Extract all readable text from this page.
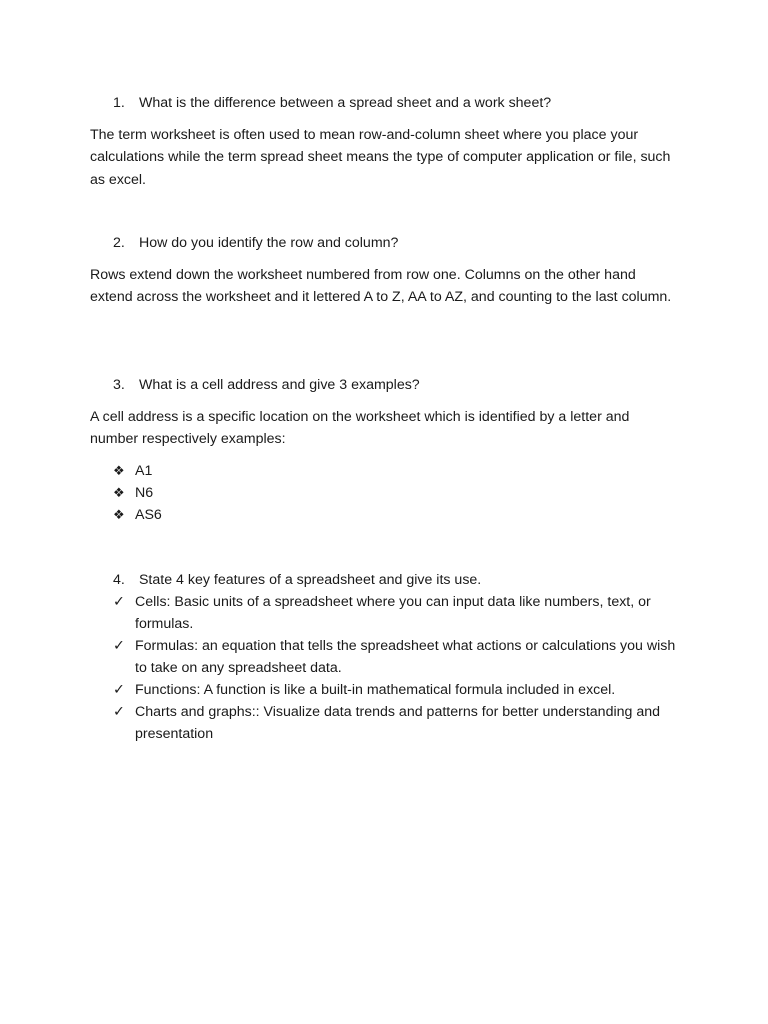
1. What is the difference between a spread sheet and a work sheet?
The term worksheet is often used to mean row-and-column sheet where you place your calculations while the term spread sheet means the type of computer application or file, such as excel.
2. How do you identify the row and column?
Rows extend down the worksheet numbered from row one. Columns on the other hand extend across the worksheet and it lettered A to Z, AA to AZ, and counting to the last column.
3. What is a cell address and give 3 examples?
A cell address is a specific location on the worksheet which is identified by a letter and number respectively examples:
❖ A1
❖ N6
❖ AS6
4. State 4 key features of a spreadsheet and give its use.
✓ Cells: Basic units of a spreadsheet where you can input data like numbers, text, or formulas.
✓ Formulas: an equation that tells the spreadsheet what actions or calculations you wish to take on any spreadsheet data.
✓ Functions: A function is like a built-in mathematical formula included in excel.
✓ Charts and graphs:: Visualize data trends and patterns for better understanding and presentation
